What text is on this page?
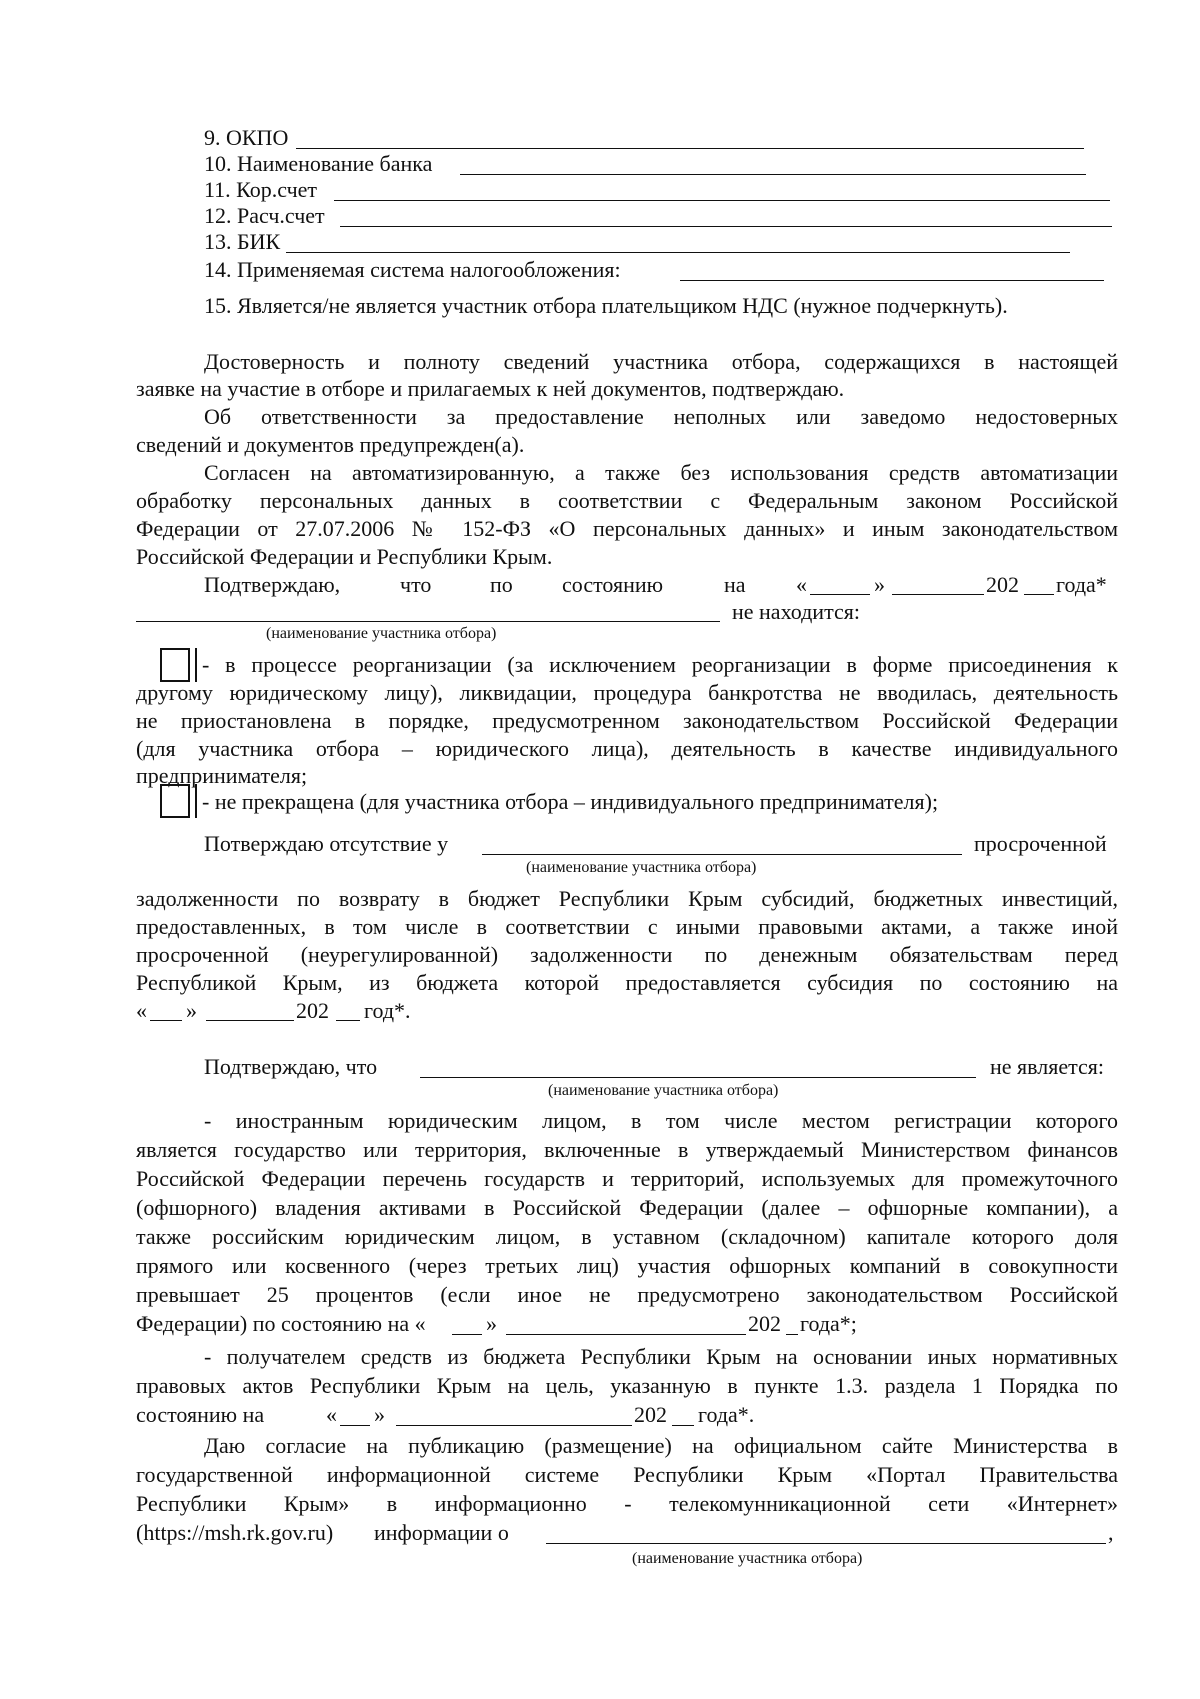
9. ОКПО
10. Наименование банка
11. Кор.счет
12. Расч.счет
13. БИК
14. Применяемая система налогообложения:
15. Является/не является участник отбора плательщиком НДС (нужное подчеркнуть).
Достоверность и полноту сведений участника отбора, содержащихся в настоящей
заявке на участие в отборе и прилагаемых к ней документов, подтверждаю.
Об ответственности за предоставление неполных или заведомо недостоверных
сведений и документов предупрежден(а).
Согласен на автоматизированную, а также без использования средств автоматизации
обработку персональных данных в соответствии с Федеральным законом Российской
Федерации от 27.07.2006 № 152-ФЗ «О персональных данных» и иным законодательством
Российской Федерации и Республики Крым.
Подтверждаю,	что	по состоянию	на «	»	202 года*
не находится:
(наименование участника отбора)
- в процессе реорганизации (за исключением реорганизации в форме присоединения к
другому юридическому лицу), ликвидации, процедура банкротства не вводилась, деятельность
не приостановлена в порядке, предусмотренном законодательством Российской Федерации
(для участника отбора – юридического лица), деятельность в качестве индивидуального
предпринимателя;
- не прекращена (для участника отбора – индивидуального предпринимателя);
Потверждаю отсутствие у	просроченной
(наименование участника отбора)
задолженности по возврату в бюджет Республики Крым субсидий, бюджетных инвестиций,
предоставленных, в том числе в соответствии с иными правовыми актами, а также иной
просроченной (неурегулированной) задолженности по денежным обязательствам перед
Республикой Крым, из бюджета которой предоставляется субсидия по состоянию на
« »	202 год*.
Подтверждаю, что	не является:
(наименование участника отбора)
- иностранным юридическим лицом, в том числе местом регистрации которого
является государство или территория, включенные в утверждаемый Министерством финансов
Российской Федерации перечень государств и территорий, используемых для промежуточного
(офшорного) владения активами в Российской Федерации (далее – офшорные компании), а
также российским юридическим лицом, в уставном (складочном) капитале которого доля
прямого или косвенного (через третьих лиц) участия офшорных компаний в совокупности
превышает 25 процентов (если иное не предусмотрено законодательством Российской
Федерации) по состоянию на «	»	202 года*;
- получателем средств из бюджета Республики Крым на основании иных нормативных
правовых актов Республики Крым на цель, указанную в пункте 1.3. раздела 1 Порядка по
состоянию на	« »	202 года*.
Даю согласие на публикацию (размещение) на официальном сайте Министерства в
государственной информационной системе Республики Крым «Портал Правительства
Республики Крым» в информационно - телекомунникационной сети «Интернет»
(https://msh.rk.gov.ru) информации о	,
(наименование участника отбора)
